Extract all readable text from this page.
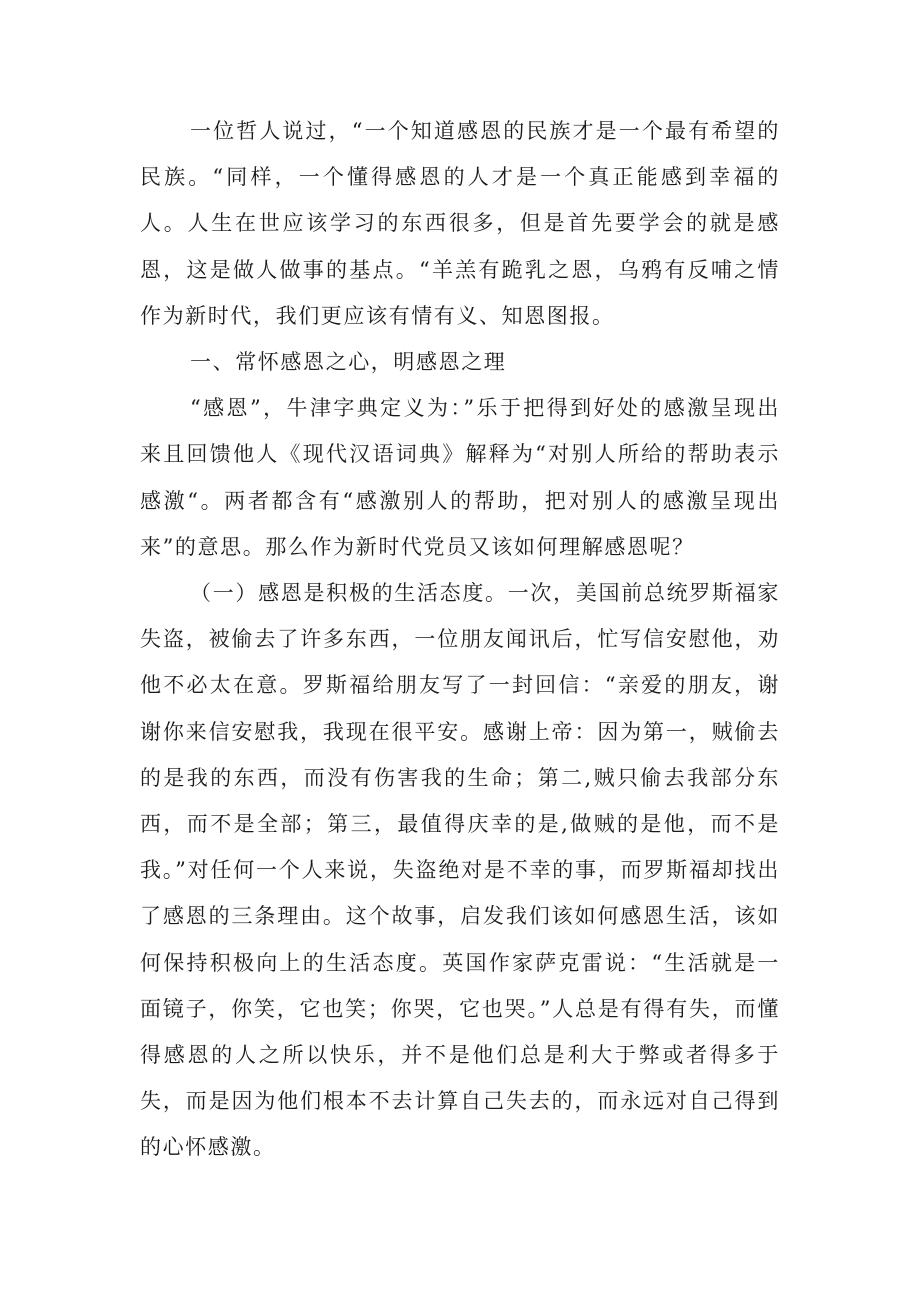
一位哲人说过，“一个知道感恩的民族才是一个最有希望的民族。“同样，一个懂得感恩的人才是一个真正能感到幸福的人。人生在世应该学习的东西很多，但是首先要学会的就是感恩，这是做人做事的基点。“羊羔有跪乳之恩，乌鸦有反哺之情作为新时代，我们更应该有情有义、知恩图报。

一、常怀感恩之心，明感恩之理

“感恩”，牛津字典定义为：”乐于把得到好处的感激呈现出来且回馈他人《现代汉语词典》解释为“对别人所给的帮助表示感激“。两者都含有“感激别人的帮助，把对别人的感激呈现出来”的意思。那么作为新时代党员又该如何理解感恩呢？

（一）感恩是积极的生活态度。一次，美国前总统罗斯福家失盗，被偷去了许多东西，一位朋友闻讯后，忙写信安慰他，劝他不必太在意。罗斯福给朋友写了一封回信：“亲爱的朋友，谢谢你来信安慰我，我现在很平安。感谢上帝：因为第一，贼偷去的是我的东西，而没有伤害我的生命；第二,贼只偷去我部分东西，而不是全部；第三，最值得庆幸的是,做贼的是他，而不是我。”对任何一个人来说，失盗绝对是不幸的事，而罗斯福却找出了感恩的三条理由。这个故事，启发我们该如何感恩生活，该如何保持积极向上的生活态度。英国作家萨克雷说：“生活就是一面镜子，你笑，它也笑；你哭，它也哭。”人总是有得有失，而懂得感恩的人之所以快乐，并不是他们总是利大于弊或者得多于失，而是因为他们根本不去计算自己失去的，而永远对自己得到的心怀感激。
